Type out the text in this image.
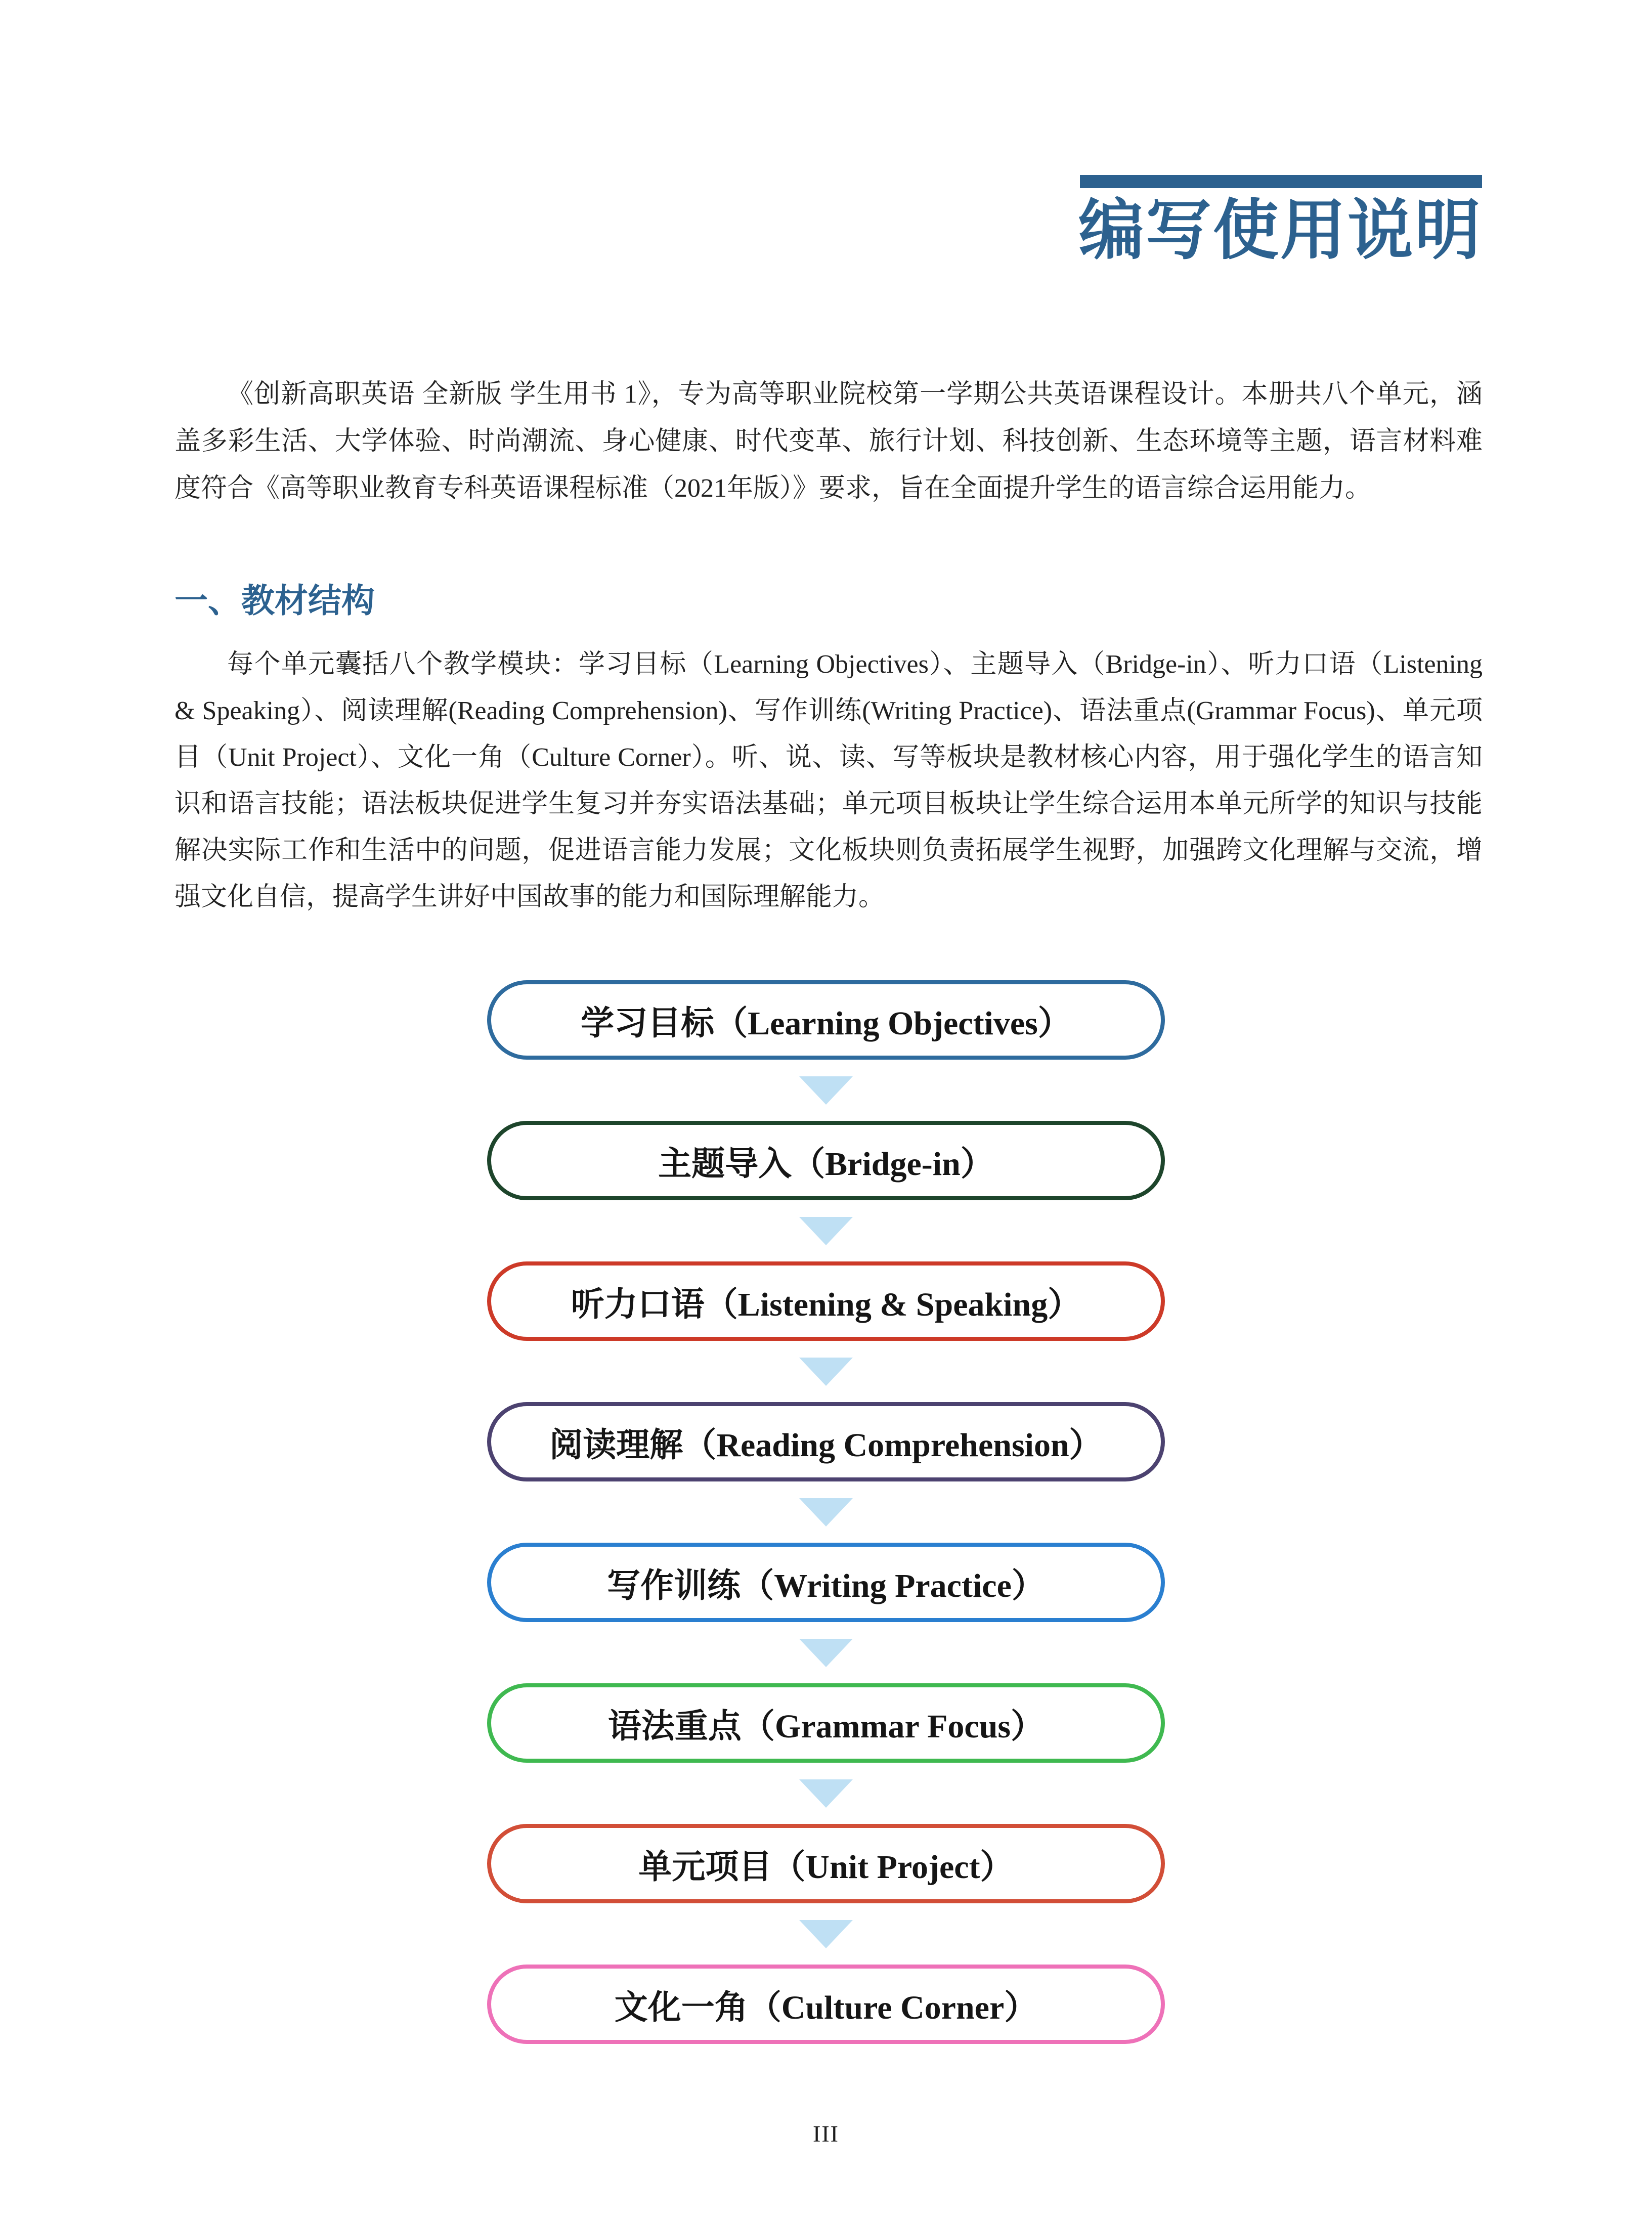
编写使用说明

《创新高职英语 全新版 学生用书 1》，专为高等职业院校第一学期公共英语课程设计。本册共八个单元，涵盖多彩生活、大学体验、时尚潮流、身心健康、时代变革、旅行计划、科技创新、生态环境等主题，语言材料难度符合《高等职业教育专科英语课程标准（2021年版）》要求，旨在全面提升学生的语言综合运用能力。

一、教材结构

每个单元囊括八个教学模块：学习目标（Learning Objectives）、主题导入（Bridge-in）、听力口语（Listening & Speaking）、阅读理解(Reading Comprehension)、写作训练(Writing Practice)、语法重点(Grammar Focus)、单元项目（Unit Project）、文化一角（Culture Corner）。听、说、读、写等板块是教材核心内容，用于强化学生的语言知识和语言技能；语法板块促进学生复习并夯实语法基础；单元项目板块让学生综合运用本单元所学的知识与技能解决实际工作和生活中的问题，促进语言能力发展；文化板块则负责拓展学生视野，加强跨文化理解与交流，增强文化自信，提高学生讲好中国故事的能力和国际理解能力。

学习目标（Learning Objectives）
主题导入（Bridge-in）
听力口语（Listening & Speaking）
阅读理解（Reading Comprehension）
写作训练（Writing Practice）
语法重点（Grammar Focus）
单元项目（Unit Project）
文化一角（Culture Corner）
III
